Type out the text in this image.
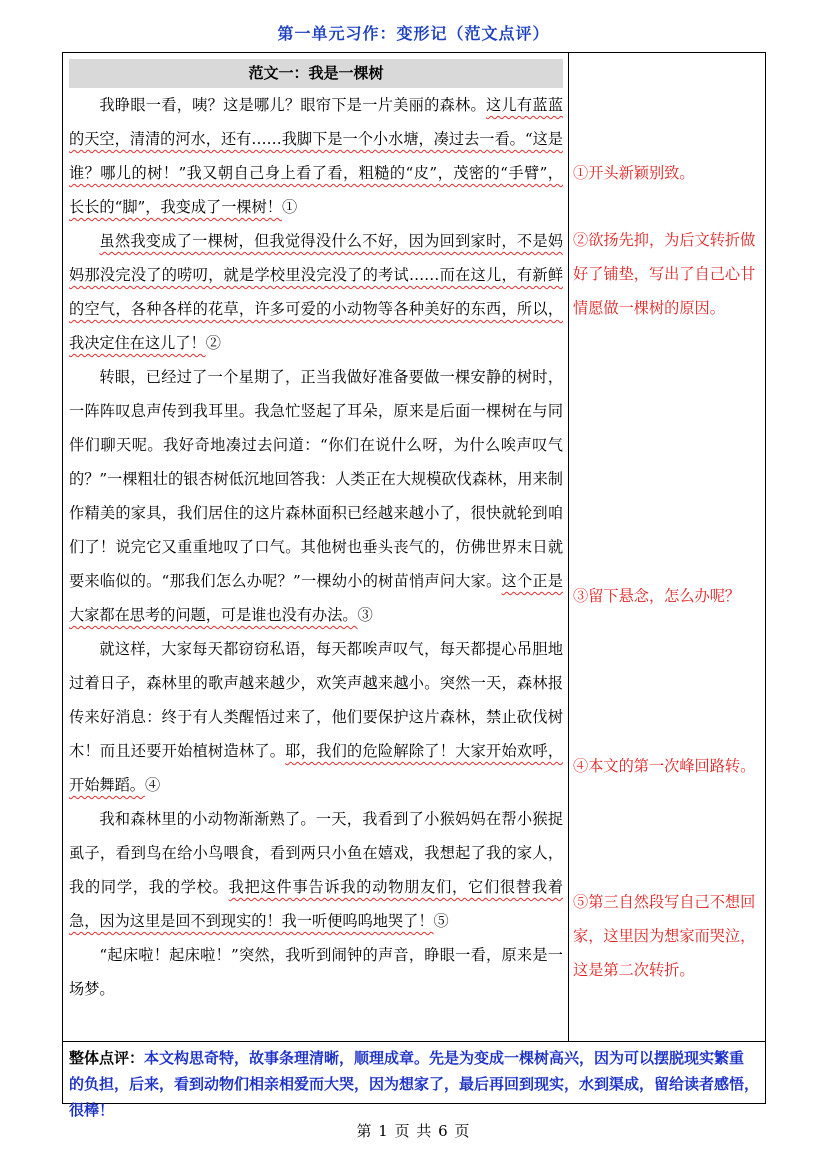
第一单元习作：变形记（范文点评）
范文一：我是一棵树

我睁眼一看，咦？这是哪儿？眼帘下是一片美丽的森林。这儿有蓝蓝的天空，清清的河水，还有……我脚下是一个小水塘，凑过去一看。“这是谁？哪儿的树！”我又朝自己身上看了看，粗糙的“皮”，茂密的“手臂”，长长的“脚”，我变成了一棵树！①

虽然我变成了一棵树，但我觉得没什么不好，因为回到家时，不是妈妈那没完没了的唠叨，就是学校里没完没了的考试……而在这儿，有新鲜的空气，各种各样的花草，许多可爱的小动物等各种美好的东西，所以，我决定住在这儿了！②

转眼，已经过了一个星期了，正当我做好准备要做一棵安静的树时，一阵阵叹息声传到我耳里。我急忙竖起了耳朵，原来是后面一棵树在与同伴们聊天呢。我好奇地凑过去问道：“你们在说什么呀，为什么唉声叹气的？”一棵粗壮的银杏树低沉地回答我：人类正在大规模砍伐森林，用来制作精美的家具，我们居住的这片森林面积已经越来越小了，很快就轮到咱们了！说完它又重重地叹了口气。其他树也垂头丧气的，仿佛世界末日就要来临似的。“那我们怎么办呢？”一棵幼小的树苗悄声问大家。这个正是大家都在思考的问题，可是谁也没有办法。③

就这样，大家每天都窃窃私语，每天都唉声叹气，每天都提心吊胆地过着日子，森林里的歌声越来越少，欢笑声越来越小。突然一天，森林报传来好消息：终于有人类醒悟过来了，他们要保护这片森林，禁止砍伐树木！而且还要开始植树造林了。耶，我们的危险解除了！大家开始欢呼，开始舞蹈。④

我和森林里的小动物渐渐熟了。一天，我看到了小猴妈妈在帮小猴捉虱子，看到鸟在给小鸟喂食，看到两只小鱼在嬉戏，我想起了我的家人，我的同学，我的学校。我把这件事告诉我的动物朋友们，它们很替我着急，因为这里是回不到现实的！我一听便呜呜地哭了！⑤

“起床啦！起床啦！”突然，我听到闹钟的声音，睁眼一看，原来是一场梦。

①开头新颖别致。
②欲扬先抑，为后文转折做好了铺垫，写出了自己心甘情愿做一棵树的原因。
③留下悬念，怎么办呢？
④本文的第一次峰回路转。
⑤第三自然段写自己不想回家，这里因为想家而哭泣，这是第二次转折。
整体点评：本文构思奇特，故事条理清晰，顺理成章。先是为变成一棵树高兴，因为可以摆脱现实繁重的负担，后来，看到动物们相亲相爱而大哭，因为想家了，最后再回到现实，水到渠成，留给读者感悟，很棒！
第 1 页 共 6 页
